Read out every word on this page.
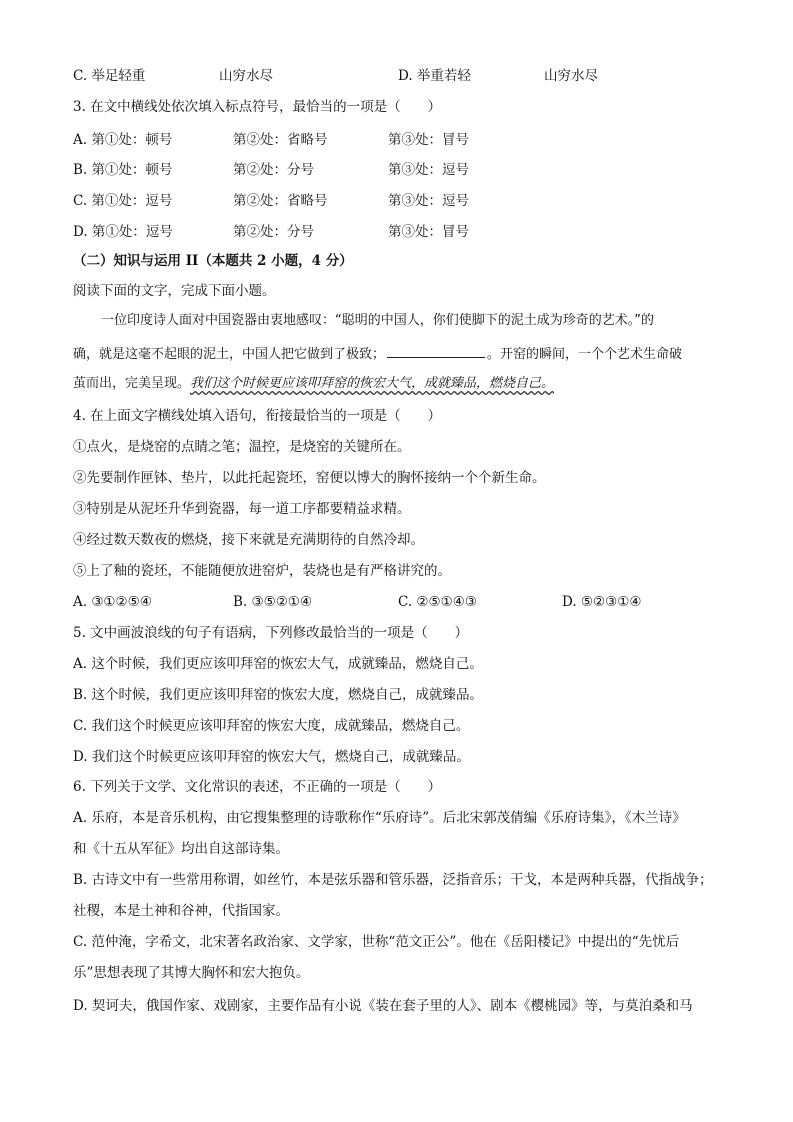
C. 举足轻重	山穷水尽	D. 举重若轻	山穷水尽
3. 在文中横线处依次填入标点符号，最恰当的一项是（　　）
A. 第①处：顿号	第②处：省略号	第③处：冒号
B. 第①处：顿号	第②处：分号	第③处：逗号
C. 第①处：逗号	第②处：省略号	第③处：逗号
D. 第①处：逗号	第②处：分号	第③处：冒号
（二）知识与运用 II（本题共 2 小题，4 分）
阅读下面的文字，完成下面小题。
一位印度诗人面对中国瓷器由衷地感叹：“聪明的中国人，你们使脚下的泥土成为珍奇的艺术。”的
确，就是这毫不起眼的泥土，中国人把它做到了极致；	。开窑的瞬间，一个个艺术生命破
茧而出，完美呈现。我们这个时候更应该叩拜窑的恢宏大气，成就臻品，燃烧自己。
4. 在上面文字横线处填入语句，衔接最恰当的一项是（　　）
①点火，是烧窑的点睛之笔；温控，是烧窑的关键所在。
②先要制作匣钵、垫片，以此托起瓷坯，窑便以博大的胸怀接纳一个个新生命。
③特别是从泥坯升华到瓷器，每一道工序都要精益求精。
④经过数天数夜的燃烧，接下来就是充满期待的自然冷却。
⑤上了釉的瓷坯，不能随便放进窑炉，装烧也是有严格讲究的。
A. ③①②⑤④	B. ③⑤②①④	C. ②⑤①④③	D. ⑤②③①④
5. 文中画波浪线的句子有语病，下列修改最恰当的一项是（　　）
A. 这个时候，我们更应该叩拜窑的恢宏大气，成就臻品，燃烧自己。
B. 这个时候，我们更应该叩拜窑的恢宏大度，燃烧自己，成就臻品。
C. 我们这个时候更应该叩拜窑的恢宏大度，成就臻品，燃烧自己。
D. 我们这个时候更应该叩拜窑的恢宏大气，燃烧自己，成就臻品。
6. 下列关于文学、文化常识的表述，不正确的一项是（　　）
A. 乐府，本是音乐机构，由它搜集整理的诗歌称作“乐府诗”。后北宋郭茂倩编《乐府诗集》，《木兰诗》
和《十五从军征》均出自这部诗集。
B. 古诗文中有一些常用称谓，如丝竹，本是弦乐器和管乐器，泛指音乐；干戈，本是两种兵器，代指战争；
社稷，本是土神和谷神，代指国家。
C. 范仲淹，字希文，北宋著名政治家、文学家，世称“范文正公”。他在《岳阳楼记》中提出的“先忧后
乐”思想表现了其博大胸怀和宏大抱负。
D. 契诃夫，俄国作家、戏剧家，主要作品有小说《装在套子里的人》、剧本《樱桃园》等，与莫泊桑和马
